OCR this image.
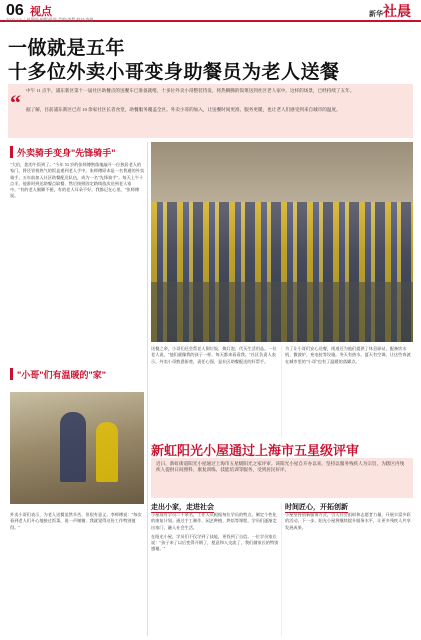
06 视点
2023.1.5 ｜星期四 编辑/陈凯 美编/李慧 校对/李倩
新华社晨
一做就是五年
十多位外卖小哥变身助餐员为老人送餐
“ 中午 11 点半，浦东新区第十一届社区助餐点的送餐车已准备就绪，十多位外卖小哥整装待发，将热腾腾的饭菜送到社区老人家中。这样的场景，已经持续了五年。
据了解，目前浦东新区已有 10 余家社区长者食堂，助餐服务覆盖全区。外卖小哥的加入，让送餐时间更准、服务更暖，也让老人们感受到来自城市的温度。
外卖骑手变身"先锋骑手"
"大伯，您的午饭到了。"今年 53 岁的张师傅熟练地敲开一位独居老人的家门，将还冒着热气的饭盒递到老人手中。张师傅原本是一名普通的外卖骑手，五年前加入社区助餐配送队伍，成为一名"先锋骑手"。每天上午十点半，他准时到达助餐点取餐，然后按照固定路线依次送到老人家中。"有的老人腿脚不便，有的老人耳朵不好，我都记在心里。"张师傅说。
送餐之余，小哥们还会帮老人倒垃圾、换灯泡、代买生活用品。一位老人说，"他们就像我的孩子一样，每天都来看看我。"社区负责人表示，外卖小哥熟悉街巷，责任心强，是社区助餐配送的好帮手。
为了让小哥们安心送餐，街道还为他们提供了休息驿站，配备饮水机、微波炉、充电桩等设施。冬天有热水，夏天有空调，让这些奔波在城市里的"小哥"也有了温暖的落脚点。
"小哥"们有温暖的"家"
外卖小哥们表示，为老人送餐虽然辛苦，但很有意义。李师傅说："每次看到老人们开心地接过饭菜，说一声谢谢，我就觉得这份工作特别值得。"
新虹阳光小屋通过上海市五星级评审
近日，新虹街道阳光小屋通过上海市五星级阳光之家评审。该阳光小屋自开办以来，坚持以服务残疾人为宗旨，为辖区内残疾人提供日间照料、康复训练、技能培训等服务，受到居民好评。
走出小家，走进社会	时间匠心，开拓创新
小屋现有学员二十余名，工作人员根据每位学员的特点，制定个性化的康复计划。通过手工制作、园艺种植、烘焙等课程，学员们逐渐走出家门，融入社会生活。
在阳光小屋，学员们不仅学到了技能，更找到了自信。一位学员家长说："孩子来了以后变得开朗了，愿意和人交流了，我们做家长的特别感谢。"
小屋坚持创新服务方式，引入社会组织和志愿者力量，开展丰富多彩的活动。下一步，阳光小屋将继续提升服务水平，让更多残疾人共享发展成果。
